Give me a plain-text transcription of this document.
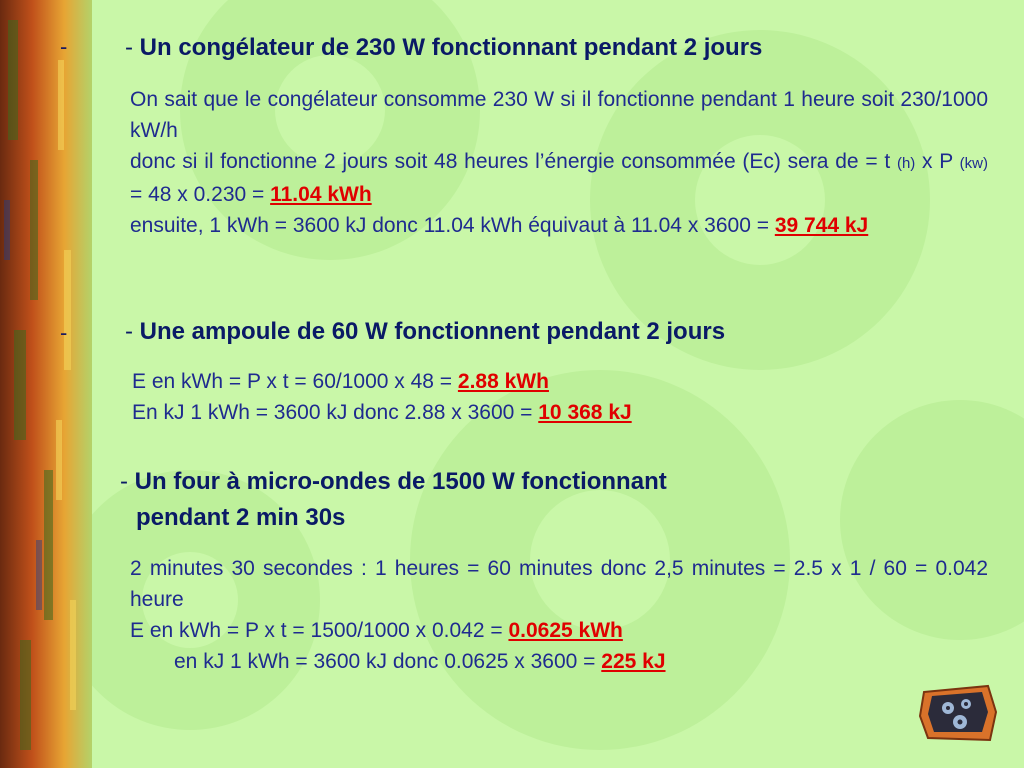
- - Un congélateur de 230 W fonctionnant pendant 2 jours
On sait que le congélateur consomme 230 W si il fonctionne pendant 1 heure soit 230/1000 kW/h
donc si il fonctionne 2 jours soit 48 heures l’énergie consommée (Ec) sera de = t (h) x P (kw) = 48 x 0.230 = 11.04 kWh
ensuite, 1 kWh = 3600 kJ donc 11.04 kWh équivaut à 11.04 x 3600 = 39 744 kJ
- - Une ampoule de 60 W fonctionnent pendant 2 jours
E en kWh = P x t = 60/1000 x 48 = 2.88 kWh
En kJ 1 kWh = 3600 kJ donc 2.88 x 3600 = 10 368 kJ
- Un four à micro-ondes de 1500 W fonctionnant
pendant 2 min 30s
2 minutes 30 secondes : 1 heures = 60 minutes donc 2,5 minutes = 2.5 x 1 / 60 = 0.042 heure
E en kWh = P x t = 1500/1000 x 0.042 = 0.0625 kWh
en kJ 1 kWh = 3600 kJ donc 0.0625 x 3600 = 225 kJ
